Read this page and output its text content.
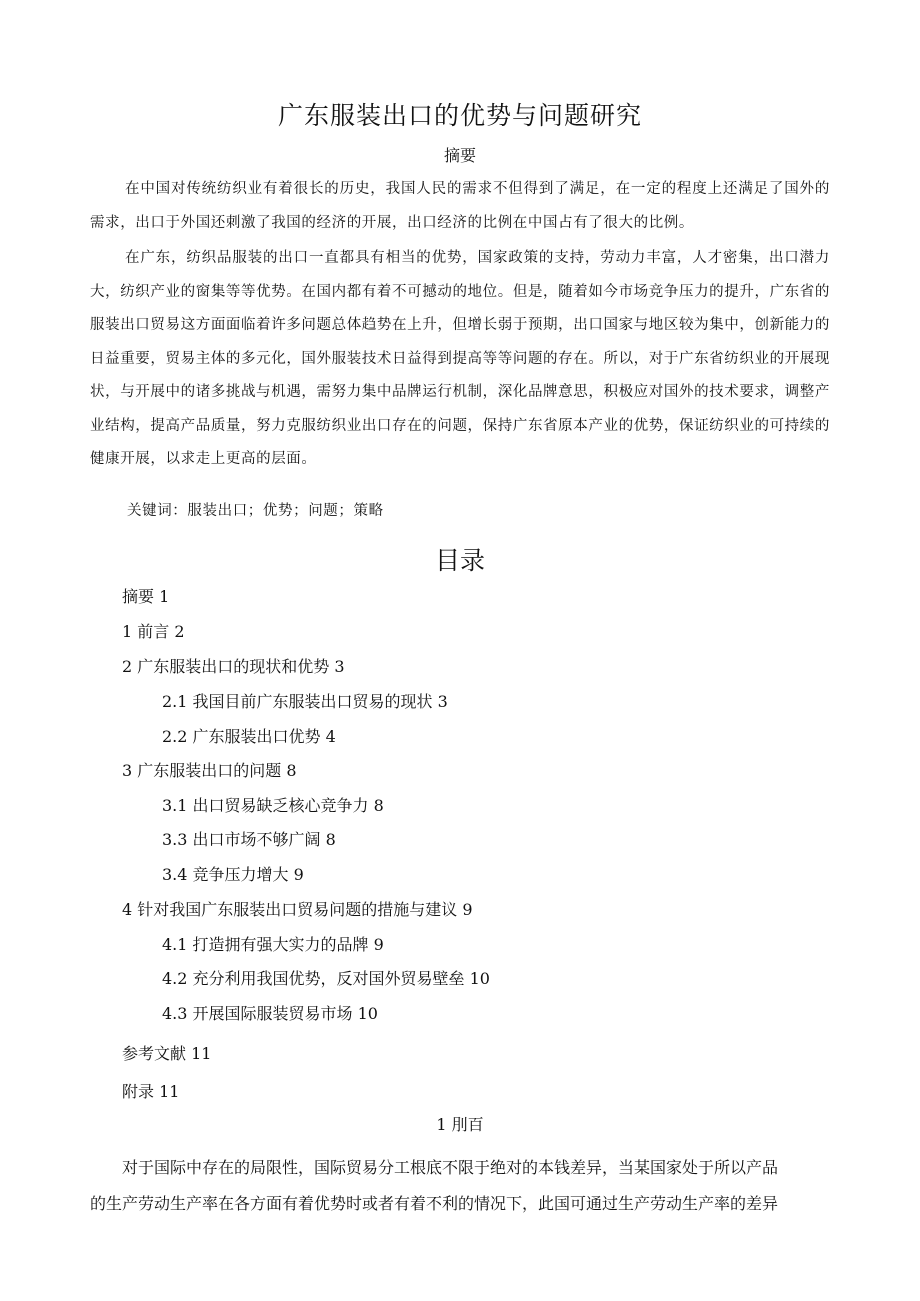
广东服装出口的优势与问题研究
摘要

在中国对传统纺织业有着很长的历史，我国人民的需求不但得到了满足，在一定的程度上还满足了国外的需求，出口于外国还刺激了我国的经济的开展，出口经济的比例在中国占有了很大的比例。

在广东，纺织品服装的出口一直都具有相当的优势，国家政策的支持，劳动力丰富，人才密集，出口潜力大，纺织产业的窗集等等优势。在国内都有着不可撼动的地位。但是，随着如今市场竞争压力的提升，广东省的服装出口贸易这方面面临着许多问题总体趋势在上升，但增长弱于预期，出口国家与地区较为集中，创新能力的日益重要，贸易主体的多元化，国外服装技术日益得到提高等等问题的存在。所以，对于广东省纺织业的开展现状，与开展中的诸多挑战与机遇，需努力集中品牌运行机制，深化品牌意思，积极应对国外的技术要求，调整产业结构，提高产品质量，努力克服纺织业出口存在的问题，保持广东省原本产业的优势，保证纺织业的可持续的健康开展，以求走上更高的层面。

关键词：服装出口；优势；问题；策略

目录
摘要 1
1 前言 2
2 广东服装出口的现状和优势 3
2.1 我国目前广东服装出口贸易的现状 3
2.2 广东服装出口优势 4
3 广东服装出口的问题 8
3.1 出口贸易缺乏核心竞争力 8
3.3 出口市场不够广阔 8
3.4 竞争压力增大 9
4 针对我国广东服装出口贸易问题的措施与建议 9
4.1 打造拥有强大实力的品牌 9
4.2 充分利用我国优势，反对国外贸易壁垒 10
4.3 开展国际服装贸易市场 10
参考文献 11
附录 11
1 刖百
对于国际中存在的局限性，国际贸易分工根底不限于绝对的本钱差异，当某国家处于所以产品
的生产劳动生产率在各方面有着优势时或者有着不利的情况下，此国可通过生产劳动生产率的差异
